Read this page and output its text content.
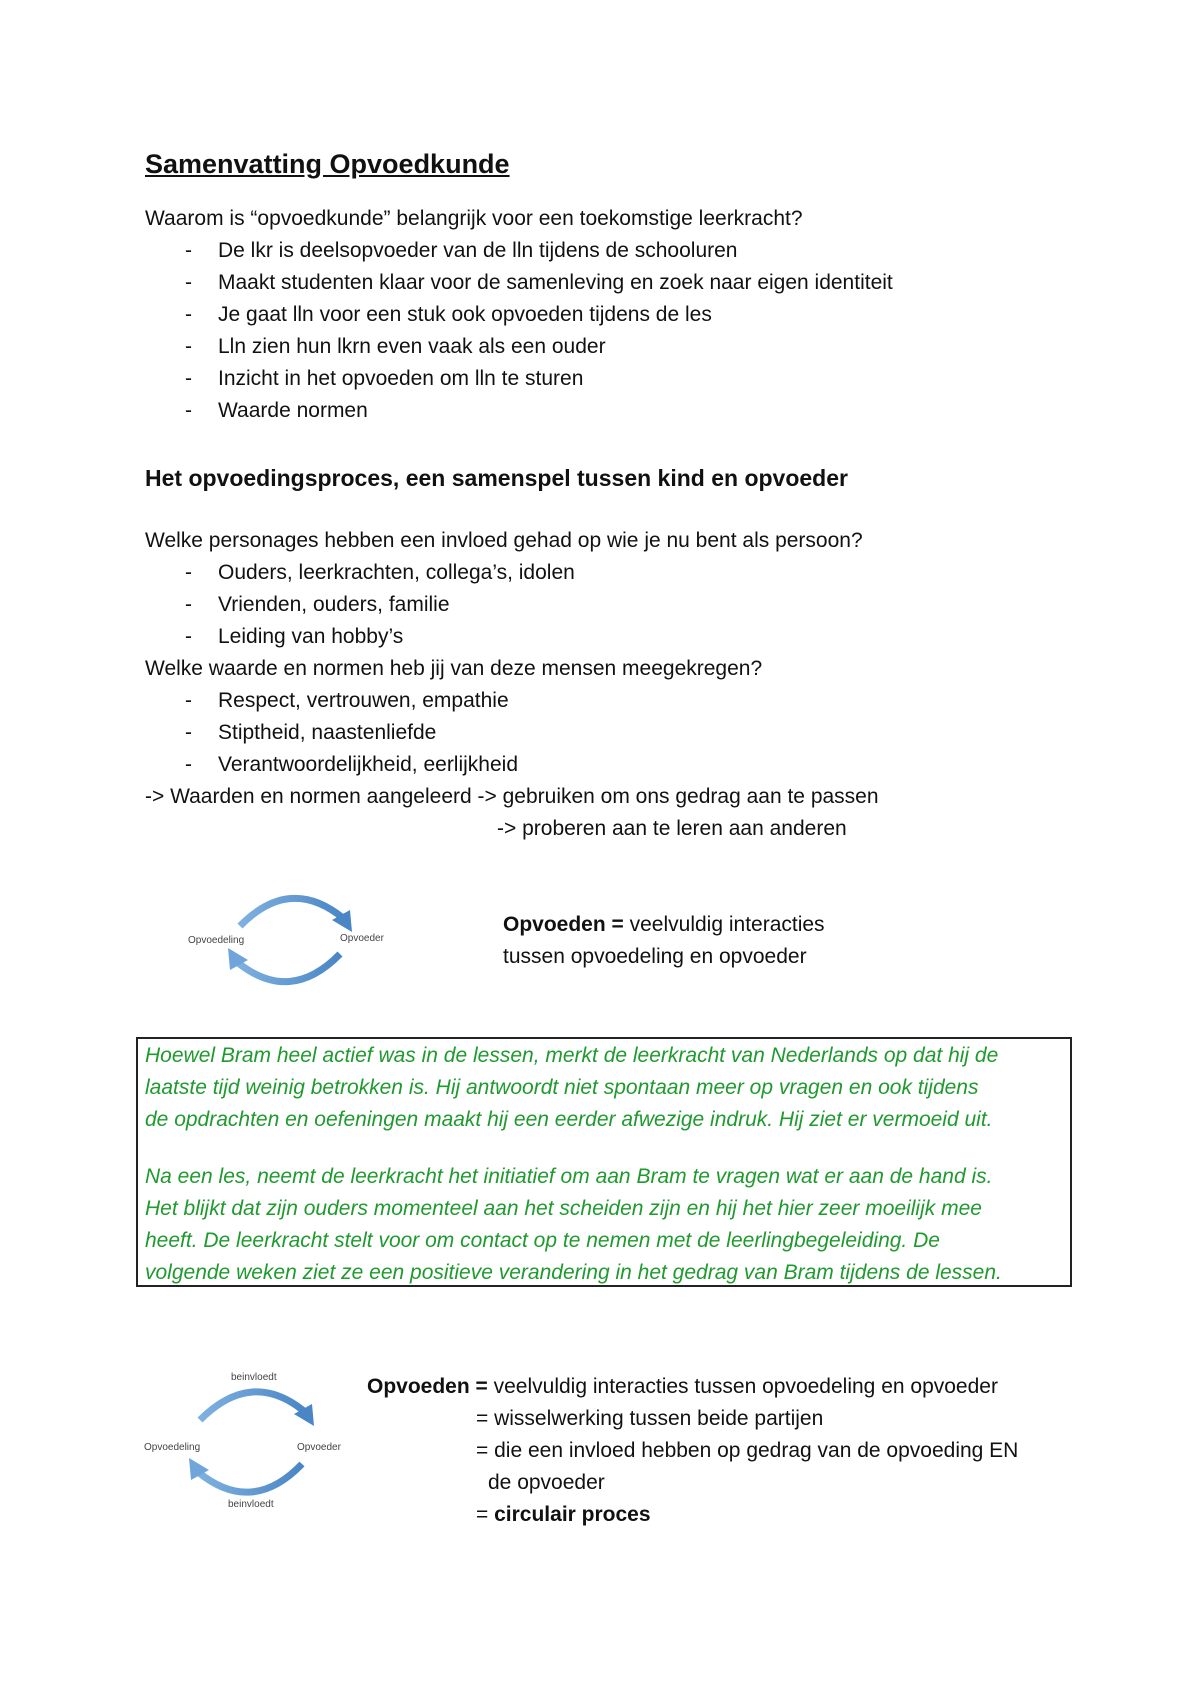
Samenvatting Opvoedkunde
Waarom is “opvoedkunde” belangrijk voor een toekomstige leerkracht?
- De lkr is deelsopvoeder van de lln tijdens de schooluren
- Maakt studenten klaar voor de samenleving en zoek naar eigen identiteit
- Je gaat lln voor een stuk ook opvoeden tijdens de les
- Lln zien hun lkrn even vaak als een ouder
- Inzicht in het opvoeden om lln te sturen
- Waarde normen
Het opvoedingsproces, een samenspel tussen kind en opvoeder
Welke personages hebben een invloed gehad op wie je nu bent als persoon?
- Ouders, leerkrachten, collega’s, idolen
- Vrienden, ouders, familie
- Leiding van hobby’s
Welke waarde en normen heb jij van deze mensen meegekregen?
- Respect, vertrouwen, empathie
- Stiptheid, naastenliefde
- Verantwoordelijkheid, eerlijkheid
-> Waarden en normen aangeleerd -> gebruiken om ons gedrag aan te passen
-> proberen aan te leren aan anderen
Opvoedeling	Opvoeder
Opvoeden = veelvuldig interacties
tussen opvoedeling en opvoeder
Hoewel Bram heel actief was in de lessen, merkt de leerkracht van Nederlands op dat hij de
laatste tijd weinig betrokken is. Hij antwoordt niet spontaan meer op vragen en ook tijdens
de opdrachten en oefeningen maakt hij een eerder afwezige indruk. Hij ziet er vermoeid uit.
Na een les, neemt de leerkracht het initiatief om aan Bram te vragen wat er aan de hand is.
Het blijkt dat zijn ouders momenteel aan het scheiden zijn en hij het hier zeer moeilijk mee
heeft. De leerkracht stelt voor om contact op te nemen met de leerlingbegeleiding. De
volgende weken ziet ze een positieve verandering in het gedrag van Bram tijdens de lessen.
beinvloedt
Opvoedeling	Opvoeder
beinvloedt
Opvoeden = veelvuldig interacties tussen opvoedeling en opvoeder
= wisselwerking tussen beide partijen
= die een invloed hebben op gedrag van de opvoeding EN
de opvoeder
= circulair proces
